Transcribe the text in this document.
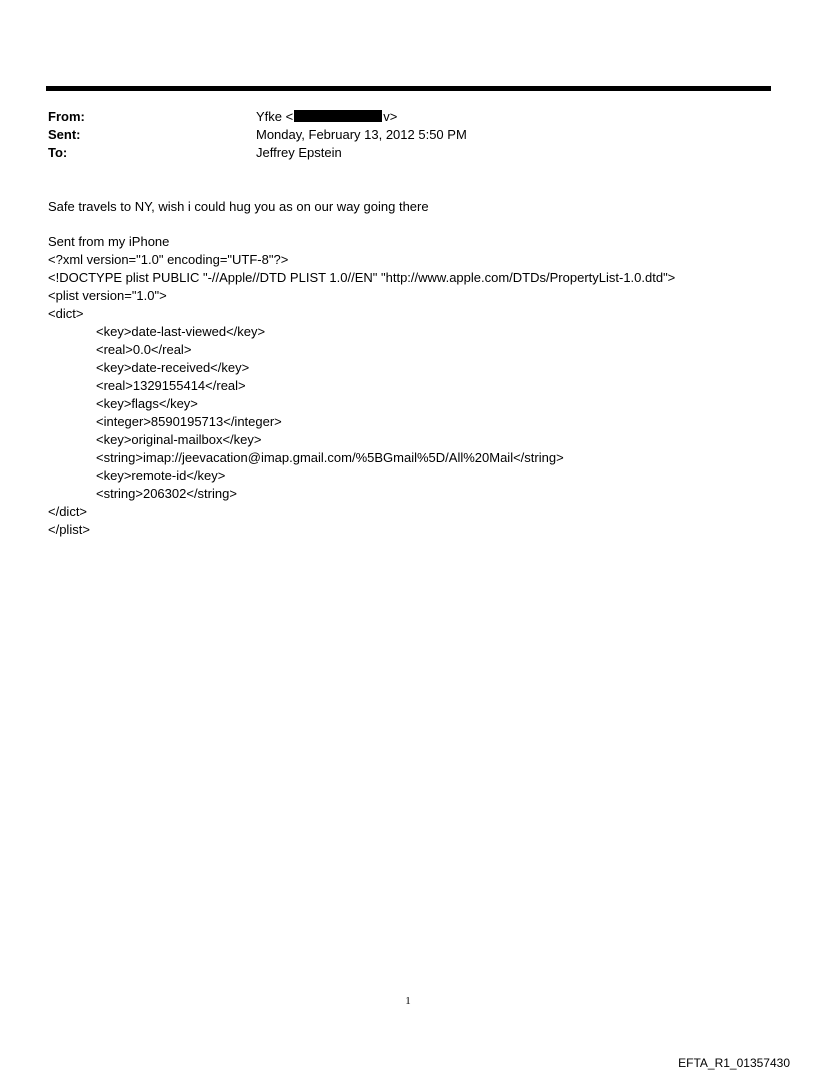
From:	Yfke <	v>
Sent:	Monday, February 13, 2012 5:50 PM
To:	Jeffrey Epstein
Safe travels to NY, wish i could hug you as on our way going there
Sent from my iPhone
<?xml version="1.0" encoding="UTF-8"?>
<!DOCTYPE plist PUBLIC "-//Apple//DTD PLIST 1.0//EN" "http://www.apple.com/DTDs/PropertyList-1.0.dtd">
<plist version="1.0">
<dict>
<key>date-last-viewed</key>
<real>0.0</real>
<key>date-received</key>
<real>1329155414</real>
<key>flags</key>
<integer>8590195713</integer>
<key>original-mailbox</key>
<string>imap://jeevacation@imap.gmail.com/%5BGmail%5D/All%20Mail</string>
<key>remote-id</key>
<string>206302</string>
</dict>
</plist>
1
EFTA_R1_01357430
